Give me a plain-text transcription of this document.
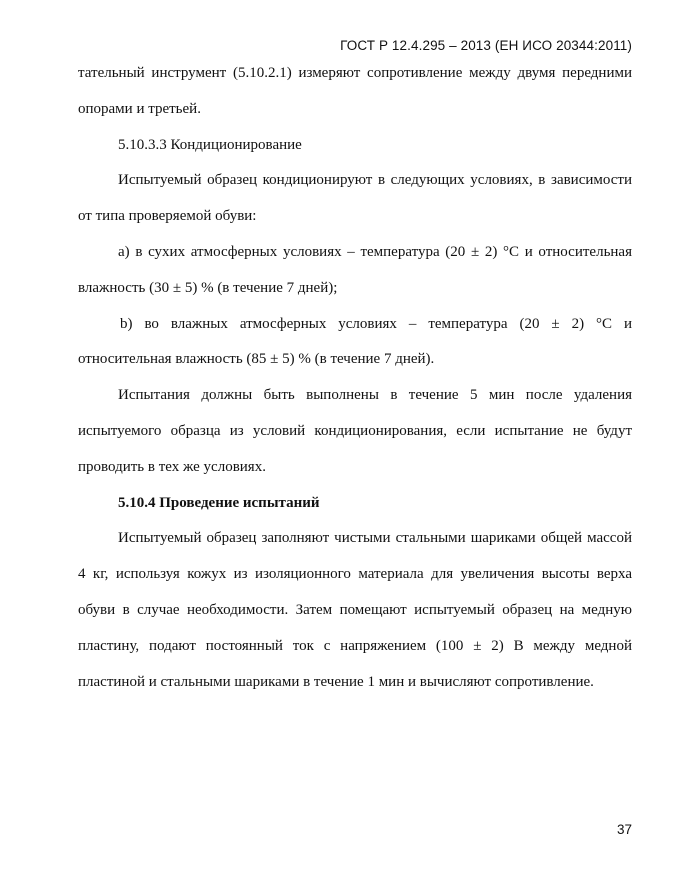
ГОСТ Р 12.4.295 – 2013 (ЕН ИСО 20344:2011)

тательный инструмент (5.10.2.1) измеряют сопротивление между двумя передними опорами и третьей.

5.10.3.3 Кондиционирование

Испытуемый образец кондиционируют в следующих условиях, в зависимости от типа проверяемой обуви:

a) в сухих атмосферных условиях – температура (20 ± 2) °С и относительная влажность (30 ± 5) % (в течение 7 дней);

b) во влажных атмосферных условиях – температура (20 ± 2) °С и относительная влажность (85 ± 5) % (в течение 7 дней).

Испытания должны быть выполнены в течение 5 мин после удаления испытуемого образца из условий кондиционирования, если испытание не будут проводить в тех же условиях.

5.10.4 Проведение испытаний

Испытуемый образец заполняют чистыми стальными шариками общей массой 4 кг, используя кожух из изоляционного материала для увеличения высоты верха обуви в случае необходимости. Затем помещают испытуемый образец на медную пластину, подают постоянный ток с напряжением (100 ± 2) В между медной пластиной и стальными шариками в течение 1 мин и вычисляют сопротивление.

37
